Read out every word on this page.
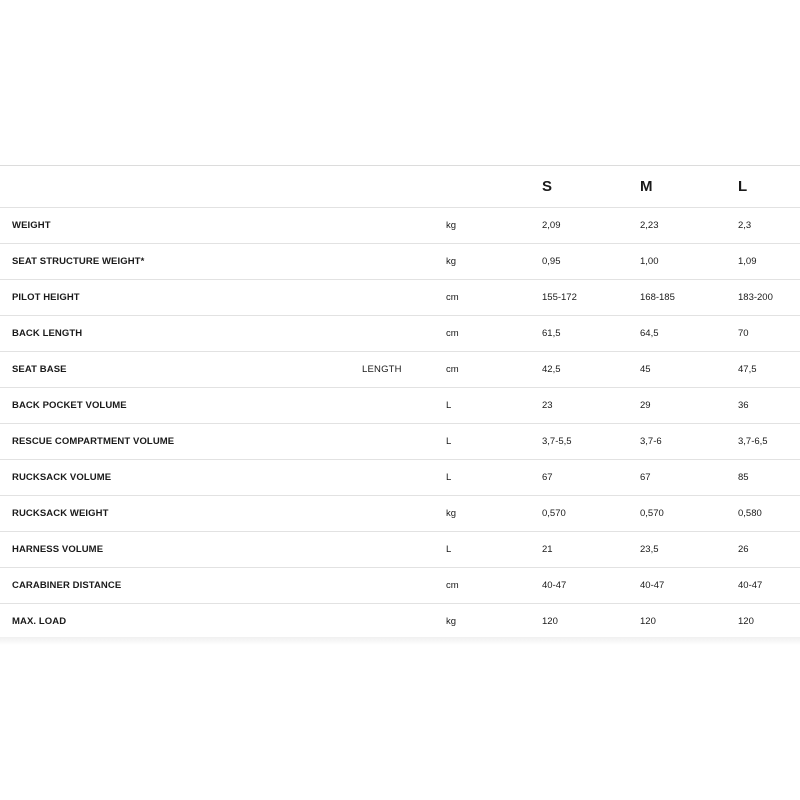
S	M	L
WEIGHT	kg	2,09	2,23	2,3
SEAT STRUCTURE WEIGHT*	kg	0,95	1,00	1,09
PILOT HEIGHT	cm	155-172	168-185	183-200
BACK LENGTH	cm	61,5	64,5	70
SEAT BASE	LENGTH	cm	42,5	45	47,5
BACK POCKET VOLUME	L	23	29	36
RESCUE COMPARTMENT VOLUME	L	3,7-5,5	3,7-6	3,7-6,5
RUCKSACK VOLUME	L	67	67	85
RUCKSACK WEIGHT	kg	0,570	0,570	0,580
HARNESS VOLUME	L	21	23,5	26
CARABINER DISTANCE	cm	40-47	40-47	40-47
MAX. LOAD	kg	120	120	120
